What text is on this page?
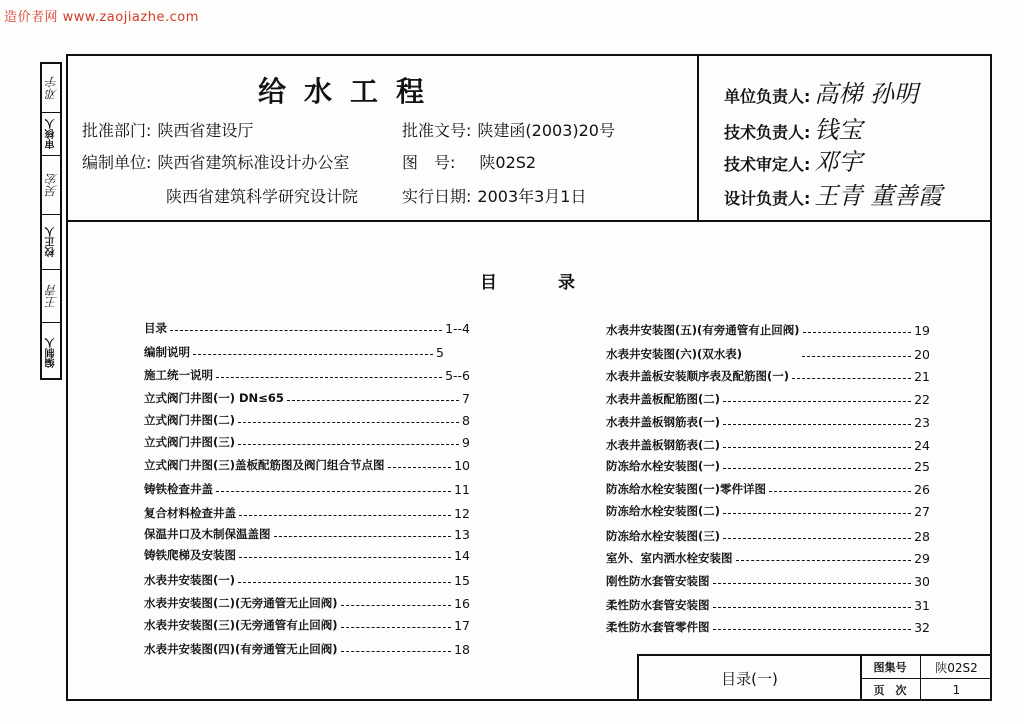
造价者网 www.zaojiazhe.com
邓宇
审核人
吴宏
校正人
王青
编制人
给水工程
批准部门: 陕西省建设厅
编制单位: 陕西省建筑标准设计办公室
陕西省建筑科学研究设计院
批准文号: 陕建函(2003)20号
图　号: 陕02S2
实行日期: 2003年3月1日
单位负责人: 高梯 孙明
技术负责人: 钱宝
技术审定人: 邓宇
设计负责人: 王青 董善霞
目　录
目录	1--4
编制说明	5
施工统一说明	5--6
立式阀门井图(一) DN≤65	7
立式阀门井图(二)	8
立式阀门井图(三)	9
立式阀门井图(三)盖板配筋图及阀门组合节点图	10
铸铁检查井盖	11
复合材料检查井盖	12
保温井口及木制保温盖图	13
铸铁爬梯及安装图	14
水表井安装图(一)	15
水表井安装图(二)(无旁通管无止回阀)	16
水表井安装图(三)(无旁通管有止回阀)	17
水表井安装图(四)(有旁通管无止回阀)	18
水表井安装图(五)(有旁通管有止回阀)	19
水表井安装图(六)(双水表)	20
水表井盖板安装顺序表及配筋图(一)	21
水表井盖板配筋图(二)	22
水表井盖板钢筋表(一)	23
水表井盖板钢筋表(二)	24
防冻给水栓安装图(一)	25
防冻给水栓安装图(一)零件详图	26
防冻给水栓安装图(二)	27
防冻给水栓安装图(三)	28
室外、室内洒水栓安装图	29
刚性防水套管安装图	30
柔性防水套管安装图	31
柔性防水套管零件图	32
目录(一)
图集号	陕02S2
页　次	1
